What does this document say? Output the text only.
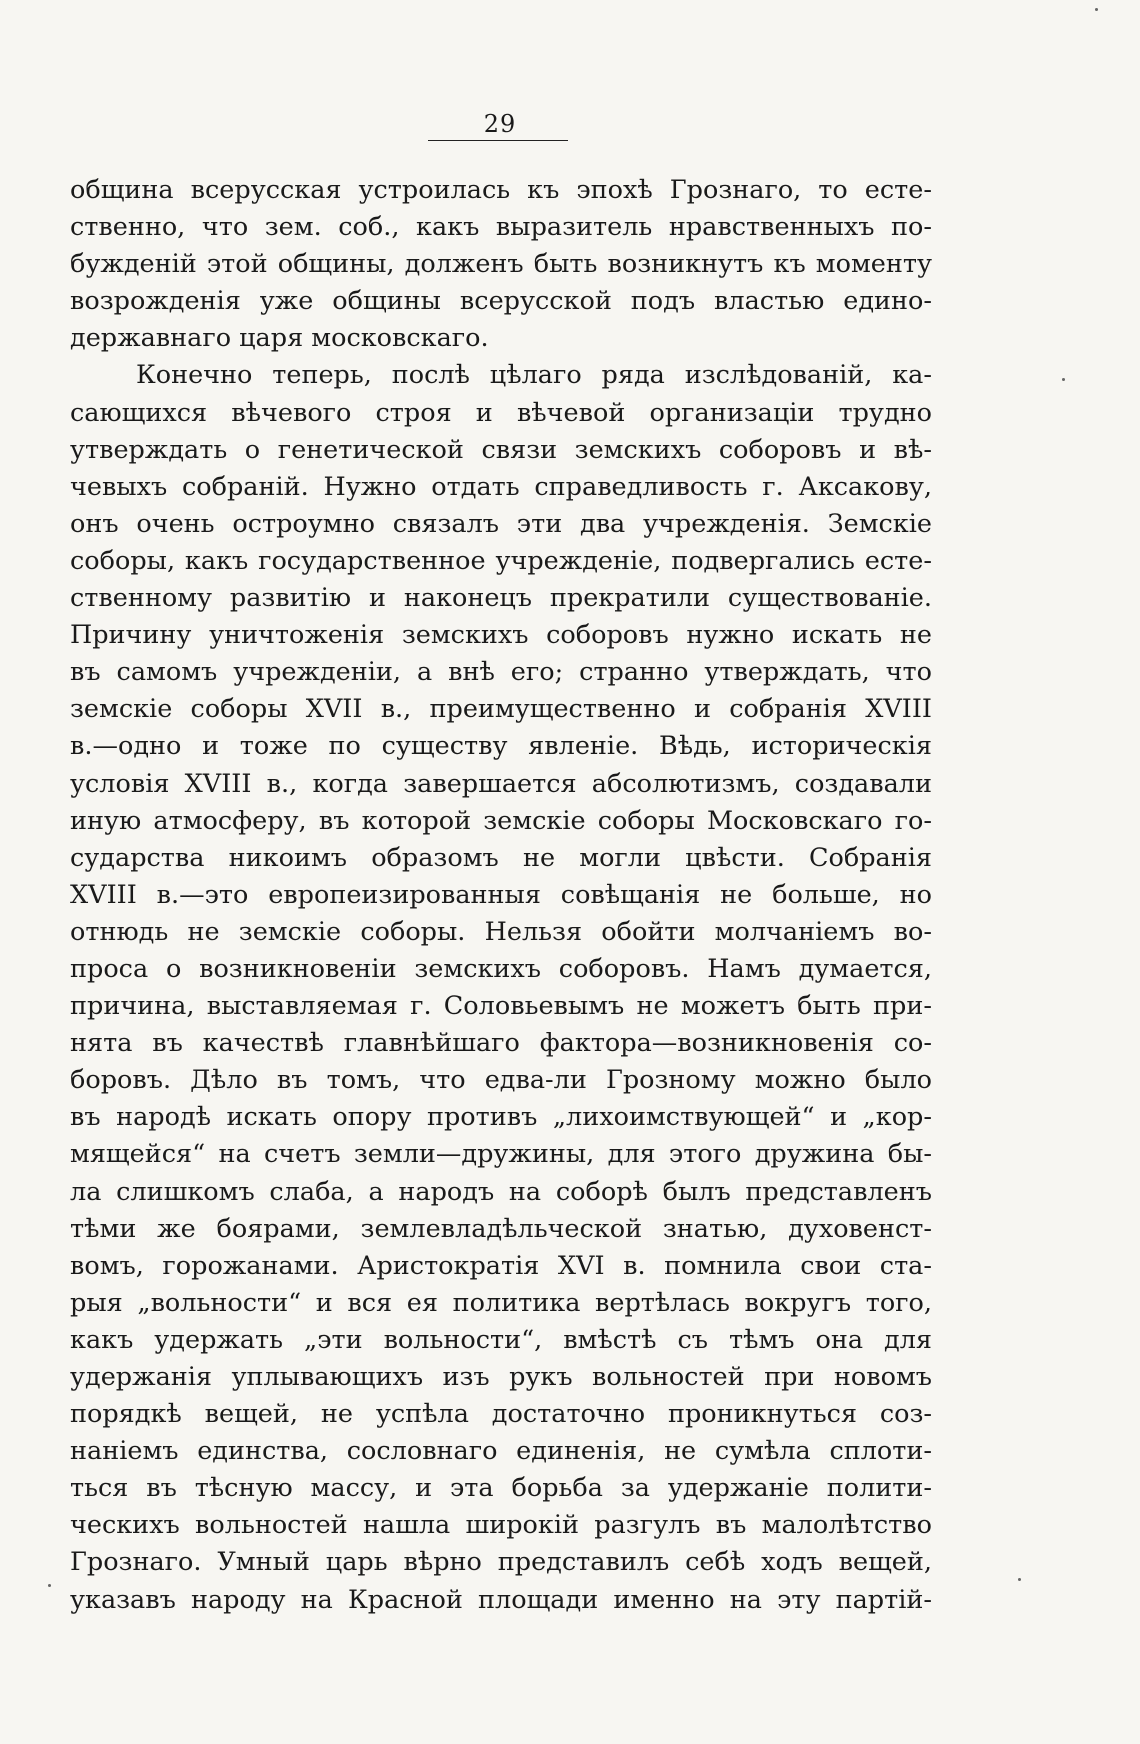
29
община всерусская устроилась къ эпохѣ Грознаго, то есте-
ственно, что зем. соб., какъ выразитель нравственныхъ по-
бужденій этой общины, долженъ быть возникнутъ къ моменту
возрожденія уже общины всерусской подъ властью едино-
державнаго царя московскаго.
Конечно теперь, послѣ цѣлаго ряда изслѣдованій, ка-
сающихся вѣчевого строя и вѣчевой организаціи трудно
утверждать о генетической связи земскихъ соборовъ и вѣ-
чевыхъ собраній. Нужно отдать справедливость г. Аксакову,
онъ очень остроумно связалъ эти два учрежденія. Земскіе
соборы, какъ государственное учрежденіе, подвергались есте-
ственному развитію и наконецъ прекратили существованіе.
Причину уничтоженія земскихъ соборовъ нужно искать не
въ самомъ учрежденіи, а внѣ его; странно утверждать, что
земскіе соборы XVII в., преимущественно и собранія XVIII
в.—одно и тоже по существу явленіе. Вѣдь, историческія
условія XVIII в., когда завершается абсолютизмъ, создавали
иную атмосферу, въ которой земскіе соборы Московскаго го-
сударства никоимъ образомъ не могли цвѣсти. Собранія
XVIII в.—это европеизированныя совѣщанія не больше, но
отнюдь не земскіе соборы. Нельзя обойти молчаніемъ во-
проса о возникновеніи земскихъ соборовъ. Намъ думается,
причина, выставляемая г. Соловьевымъ не можетъ быть при-
нята въ качествѣ главнѣйшаго фактора—возникновенія со-
боровъ. Дѣло въ томъ, что едва-ли Грозному можно было
въ народѣ искать опору противъ „лихоимствующей“ и „кор-
мящейся“ на счетъ земли—дружины, для этого дружина бы-
ла слишкомъ слаба, а народъ на соборѣ былъ представленъ
тѣми же боярами, землевладѣльческой знатью, духовенст-
вомъ, горожанами. Аристократія XVI в. помнила свои ста-
рыя „вольности“ и вся ея политика вертѣлась вокругъ того,
какъ удержать „эти вольности“, вмѣстѣ съ тѣмъ она для
удержанія уплывающихъ изъ рукъ вольностей при новомъ
порядкѣ вещей, не успѣла достаточно проникнуться соз-
наніемъ единства, сословнаго единенія, не сумѣла сплоти-
ться въ тѣсную массу, и эта борьба за удержаніе полити-
ческихъ вольностей нашла широкій разгулъ въ малолѣтство
Грознаго. Умный царь вѣрно представилъ себѣ ходъ вещей,
указавъ народу на Красной площади именно на эту партій-
